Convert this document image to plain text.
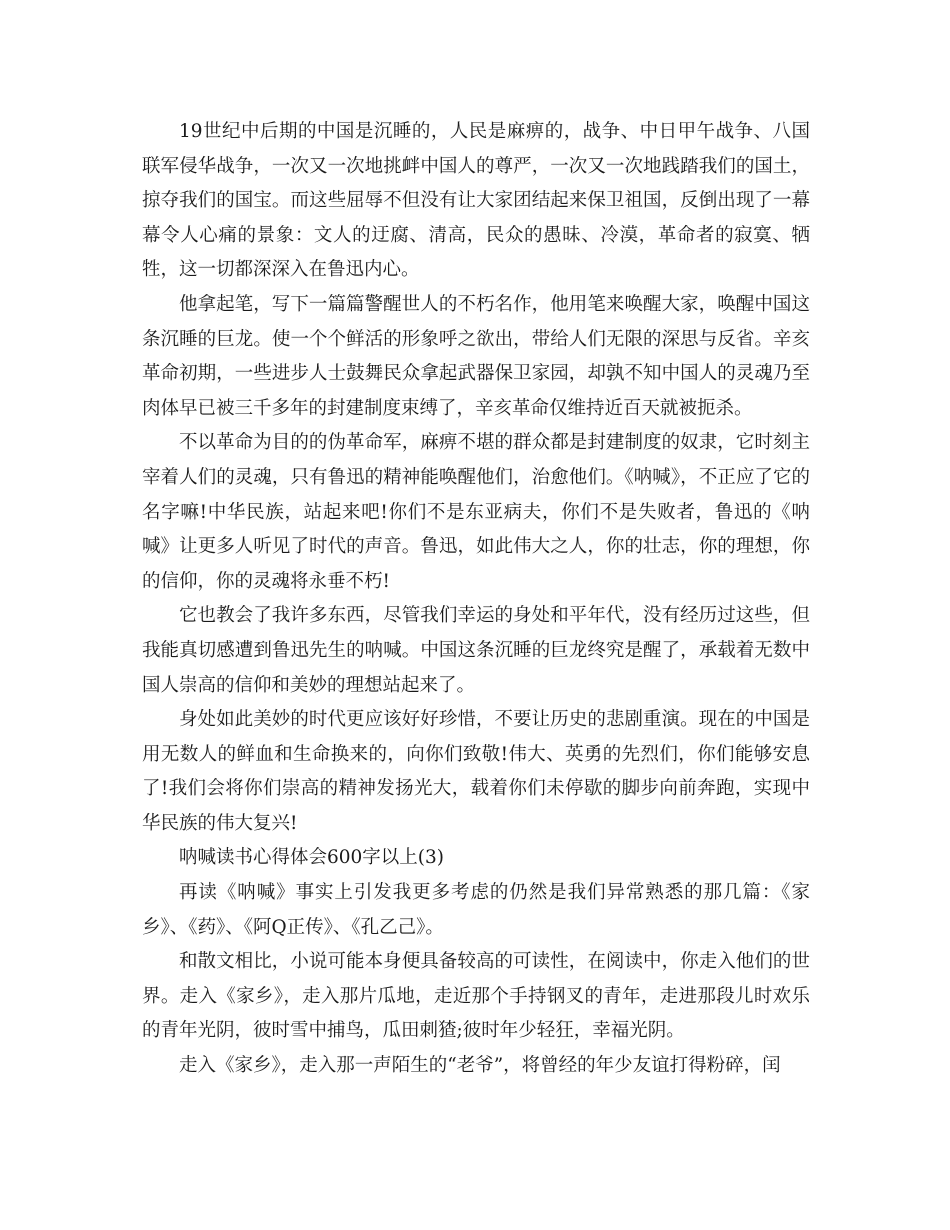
19世纪中后期的中国是沉睡的，人民是麻痹的，战争、中日甲午战争、八国联军侵华战争，一次又一次地挑衅中国人的尊严，一次又一次地践踏我们的国土，掠夺我们的国宝。而这些屈辱不但没有让大家团结起来保卫祖国，反倒出现了一幕幕令人心痛的景象：文人的迂腐、清高，民众的愚昧、冷漠，革命者的寂寞、牺牲，这一切都深深入在鲁迅内心。

他拿起笔，写下一篇篇警醒世人的不朽名作，他用笔来唤醒大家，唤醒中国这条沉睡的巨龙。使一个个鲜活的形象呼之欲出，带给人们无限的深思与反省。辛亥革命初期，一些进步人士鼓舞民众拿起武器保卫家园，却孰不知中国人的灵魂乃至肉体早已被三千多年的封建制度束缚了，辛亥革命仅维持近百天就被扼杀。

不以革命为目的的伪革命军，麻痹不堪的群众都是封建制度的奴隶，它时刻主宰着人们的灵魂，只有鲁迅的精神能唤醒他们，治愈他们。《呐喊》，不正应了它的名字嘛!中华民族，站起来吧!你们不是东亚病夫，你们不是失败者，鲁迅的《呐喊》让更多人听见了时代的声音。鲁迅，如此伟大之人，你的壮志，你的理想，你的信仰，你的灵魂将永垂不朽!

它也教会了我许多东西，尽管我们幸运的身处和平年代，没有经历过这些，但我能真切感遭到鲁迅先生的呐喊。中国这条沉睡的巨龙终究是醒了，承载着无数中国人崇高的信仰和美妙的理想站起来了。

身处如此美妙的时代更应该好好珍惜，不要让历史的悲剧重演。现在的中国是用无数人的鲜血和生命换来的，向你们致敬!伟大、英勇的先烈们，你们能够安息了!我们会将你们崇高的精神发扬光大，载着你们未停歇的脚步向前奔跑，实现中华民族的伟大复兴!

呐喊读书心得体会600字以上(3)

再读《呐喊》事实上引发我更多考虑的仍然是我们异常熟悉的那几篇：《家乡》、《药》、《阿Q正传》、《孔乙己》。

和散文相比，小说可能本身便具备较高的可读性，在阅读中，你走入他们的世界。走入《家乡》，走入那片瓜地，走近那个手持钢叉的青年，走进那段儿时欢乐的青年光阴，彼时雪中捕鸟，瓜田刺猹;彼时年少轻狂，幸福光阴。

走入《家乡》，走入那一声陌生的“老爷”，将曾经的年少友谊打得粉碎，闰
